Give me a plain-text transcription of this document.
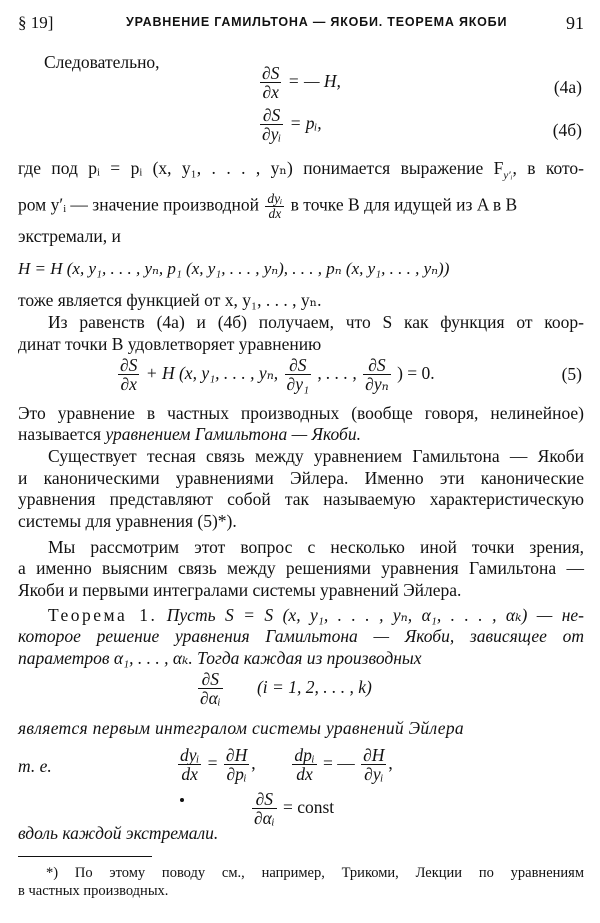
§ 19]	УРАВНЕНИЕ ГАМИЛЬТОНА — ЯКОБИ. ТЕОРЕМА ЯКОБИ	91
Следовательно,
$\frac{\partial S}{\partial x}$ = — H,	(4а)
$\frac{\partial S}{\text{∂yᵢ}}$ = pᵢ,	(4б)
где под pᵢ = pᵢ (x, y₁, . . . , yₙ) понимается выражение $F_{y'ᵢ}$, в кото-
ром y′ᵢ — значение производной $\frac{\text{dyᵢ}}{dx}$ в точке B для идущей из A в B
экстремали, и
H = H (x, y₁, . . . , yₙ, p₁ (x, y₁, . . . , yₙ), . . . , pₙ (x, y₁, . . . , yₙ))
тоже является функцией от x, y₁, . . . , yₙ.
Из равенств (4а) и (4б) получаем, что S как функция от коор-
динат точки B удовлетворяет уравнению
$\frac{\partial S}{\partial x} + H$ (x, y₁, . . . , yₙ, $\frac{\partial S}{\text{∂y₁}}$ , . . . , $\frac{\partial S}{\text{∂yₙ}}$ ) = 0.	(5)
Это уравнение в частных производных (вообще говоря, нелинейное)
называется уравнением Гамильтона — Якоби.
Существует тесная связь между уравнением Гамильтона — Якоби
и каноническими уравнениями Эйлера. Именно эти канонические
уравнения представляют собой так называемую характеристическую
системы для уравнения (5)*).
Мы рассмотрим этот вопрос с несколько иной точки зрения,
а именно выясним связь между решениями уравнения Гамильтона —
Якоби и первыми интегралами системы уравнений Эйлера.
Теорема 1. Пусть S = S (x, y₁, . . . , yₙ, α₁, . . . , αₖ) — не-
которое решение уравнения Гамильтона — Якоби, зависящее от
параметров α₁, . . . , αₖ. Тогда каждая из производных
$\frac{\partial S}{\text{∂αᵢ}} (i = 1$, 2, . . . , k)
является первым интегралом системы уравнений Эйлера
$\frac{\text{dyᵢ}}{dx} = \frac{\partial H}{\text{∂pᵢ}}$ , $\frac{\text{dpᵢ}}{dx}$ = — $\frac{\partial H}{\text{∂yᵢ}}$ ,
т. е.
$\frac{\partial S}{\text{∂αᵢ}}$ = const
вдоль каждой экстремали.
*) По этому поводу см., например, Трикоми, Лекции по уравнениям
в частных производных.
